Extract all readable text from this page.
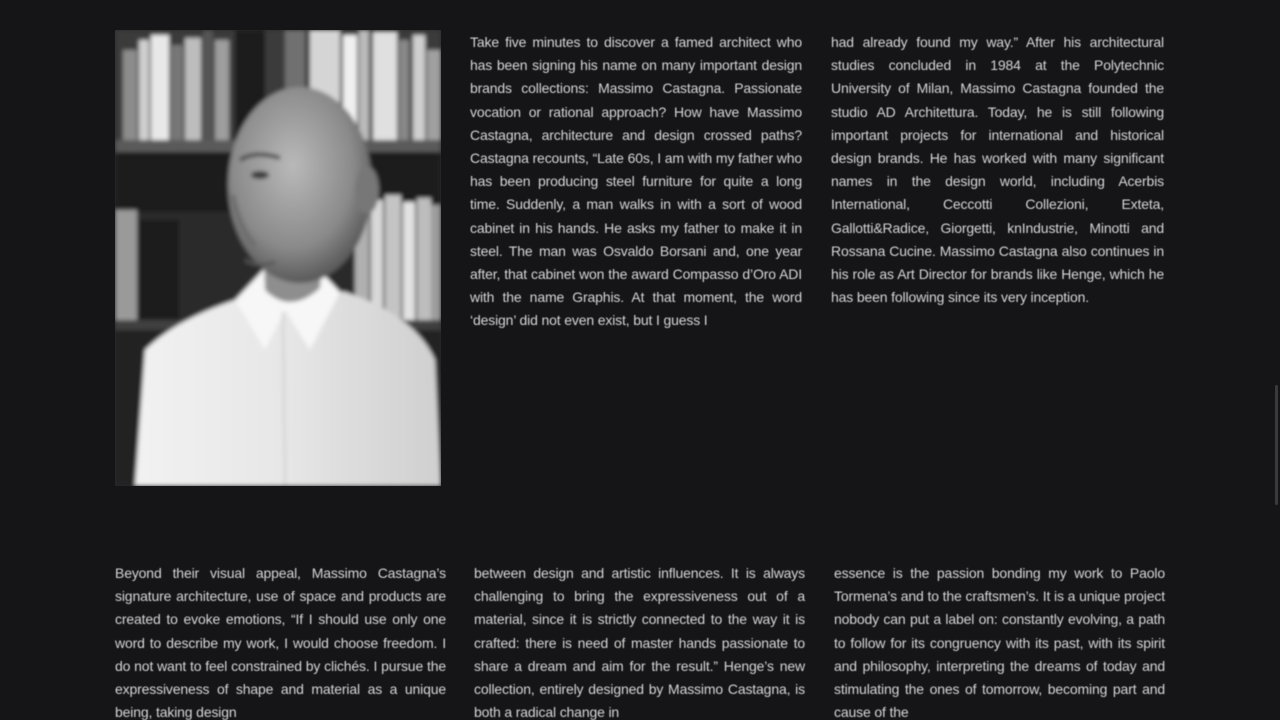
Take five minutes to discover a famed architect who has been signing his name on many important design brands collections: Massimo Castagna. Passionate vocation or rational approach? How have Massimo Castagna, architecture and design crossed paths? Castagna recounts, “Late 60s, I am with my father who has been producing steel furniture for quite a long time. Suddenly, a man walks in with a sort of wood cabinet in his hands. He asks my father to make it in steel. The man was Osvaldo Borsani and, one year after, that cabinet won the award Compasso d’Oro ADI with the name Graphis. At that moment, the word ‘design’ did not even exist, but I guess I
had already found my way.” After his architectural studies concluded in 1984 at the Polytechnic University of Milan, Massimo Castagna founded the studio AD Architettura. Today, he is still following important projects for international and historical design brands. He has worked with many significant names in the design world, including Acerbis International, Ceccotti Collezioni, Exteta, Gallotti&Radice, Giorgetti, knIndustrie, Minotti and Rossana Cucine. Massimo Castagna also continues in his role as Art Director for brands like Henge, which he has been following since its very inception.
Beyond their visual appeal, Massimo Castagna’s signature architecture, use of space and products are created to evoke emotions, “If I should use only one word to describe my work, I would choose freedom. I do not want to feel constrained by clichés. I pursue the expressiveness of shape and material as a unique being, taking design
between design and artistic influences. It is always challenging to bring the expressiveness out of a material, since it is strictly connected to the way it is crafted: there is need of master hands passionate to share a dream and aim for the result.” Henge’s new collection, entirely designed by Massimo Castagna, is both a radical change in
essence is the passion bonding my work to Paolo Tormena’s and to the craftsmen’s. It is a unique project nobody can put a label on: constantly evolving, a path to follow for its congruency with its past, with its spirit and philosophy, interpreting the dreams of today and stimulating the ones of tomorrow, becoming part and cause of the
